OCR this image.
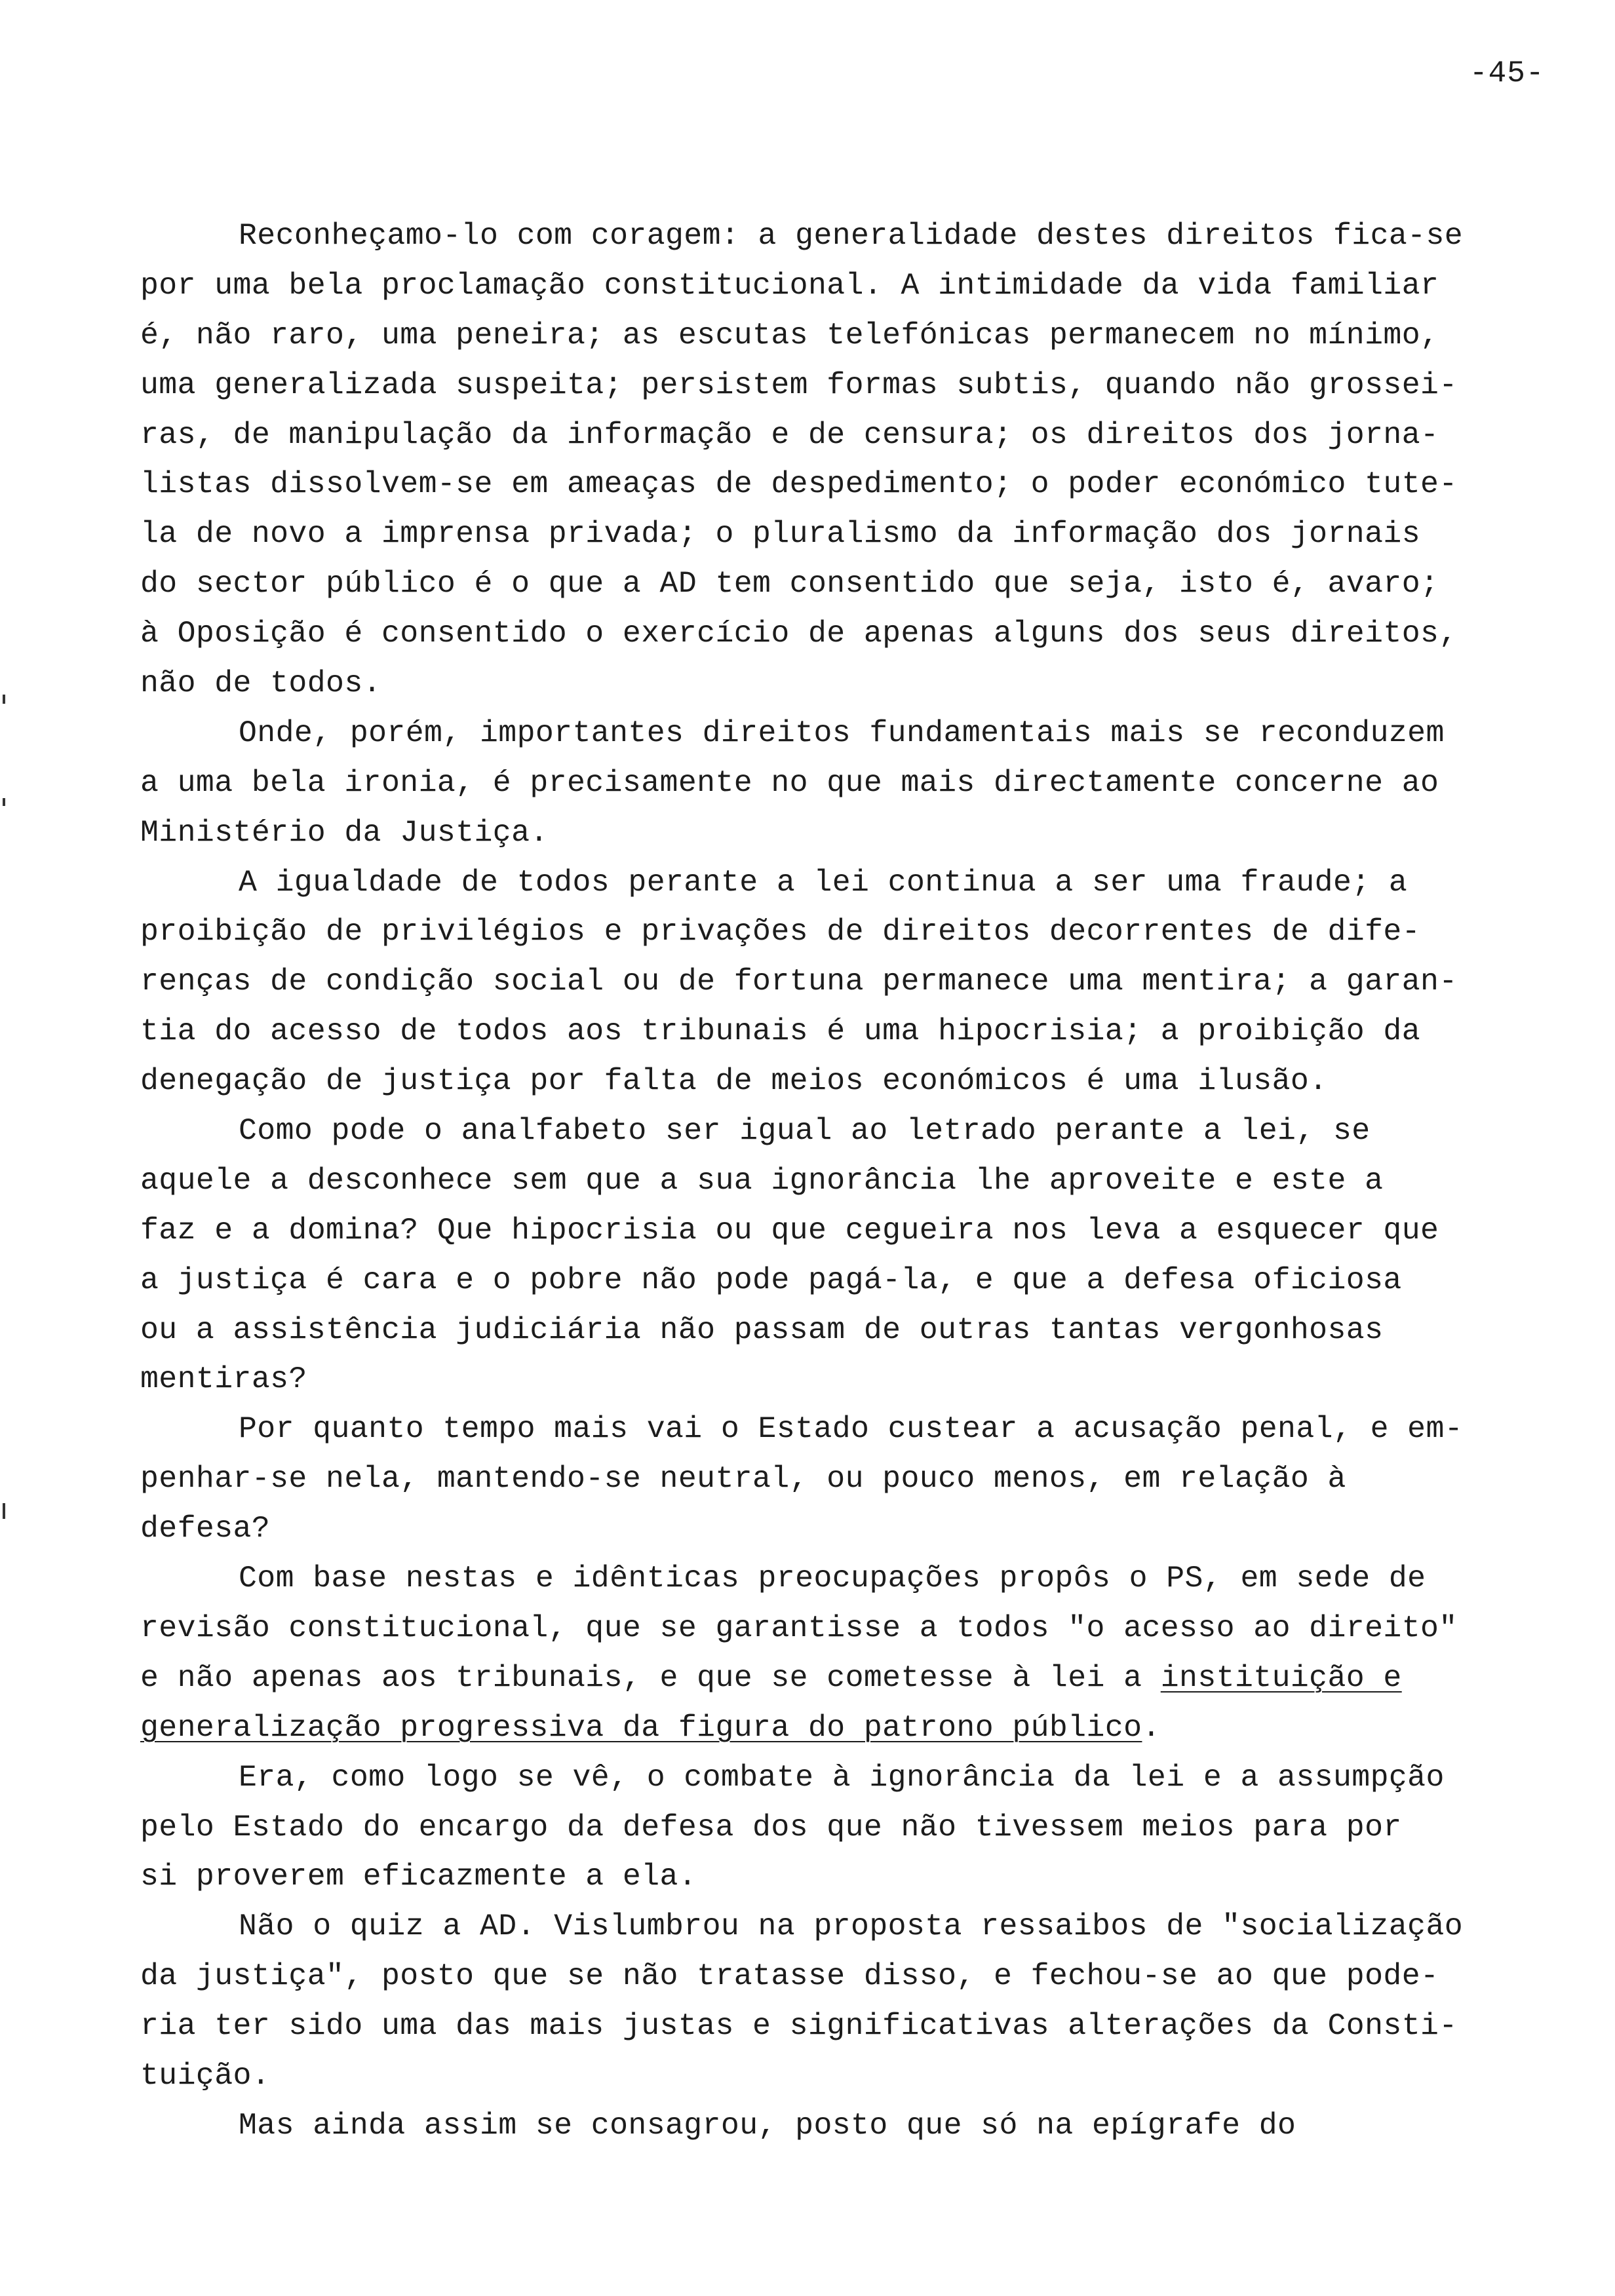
-45-
Reconheçamo-lo com coragem: a generalidade destes direitos fica-se
por uma bela proclamação constitucional. A intimidade da vida familiar
é, não raro, uma peneira; as escutas telefónicas permanecem no mínimo,
uma generalizada suspeita; persistem formas subtis, quando não grossei-
ras, de manipulação da informação e de censura; os direitos dos jorna-
listas dissolvem-se em ameaças de despedimento; o poder económico tute-
la de novo a imprensa privada; o pluralismo da informação dos jornais
do sector público é o que a AD tem consentido que seja, isto é, avaro;
à Oposição é consentido o exercício de apenas alguns dos seus direitos,
não de todos.
Onde, porém, importantes direitos fundamentais mais se reconduzem
a uma bela ironia, é precisamente no que mais directamente concerne ao
Ministério da Justiça.
A igualdade de todos perante a lei continua a ser uma fraude; a
proibição de privilégios e privações de direitos decorrentes de dife-
renças de condição social ou de fortuna permanece uma mentira; a garan-
tia do acesso de todos aos tribunais é uma hipocrisia; a proibição da
denegação de justiça por falta de meios económicos é uma ilusão.
Como pode o analfabeto ser igual ao letrado perante a lei, se
aquele a desconhece sem que a sua ignorância lhe aproveite e este a
faz e a domina? Que hipocrisia ou que cegueira nos leva a esquecer que
a justiça é cara e o pobre não pode pagá-la, e que a defesa oficiosa
ou a assistência judiciária não passam de outras tantas vergonhosas
mentiras?
Por quanto tempo mais vai o Estado custear a acusação penal, e em-
penhar-se nela, mantendo-se neutral, ou pouco menos, em relação à
defesa?
Com base nestas e idênticas preocupações propôs o PS, em sede de
revisão constitucional, que se garantisse a todos "o acesso ao direito"
e não apenas aos tribunais, e que se cometesse à lei a instituição e
generalização progressiva da figura do patrono público.
Era, como logo se vê, o combate à ignorância da lei e a assumpção
pelo Estado do encargo da defesa dos que não tivessem meios para por
si proverem eficazmente a ela.
Não o quiz a AD. Vislumbrou na proposta ressaibos de "socialização
da justiça", posto que se não tratasse disso, e fechou-se ao que pode-
ria ter sido uma das mais justas e significativas alterações da Consti-
tuição.
Mas ainda assim se consagrou, posto que só na epígrafe do
